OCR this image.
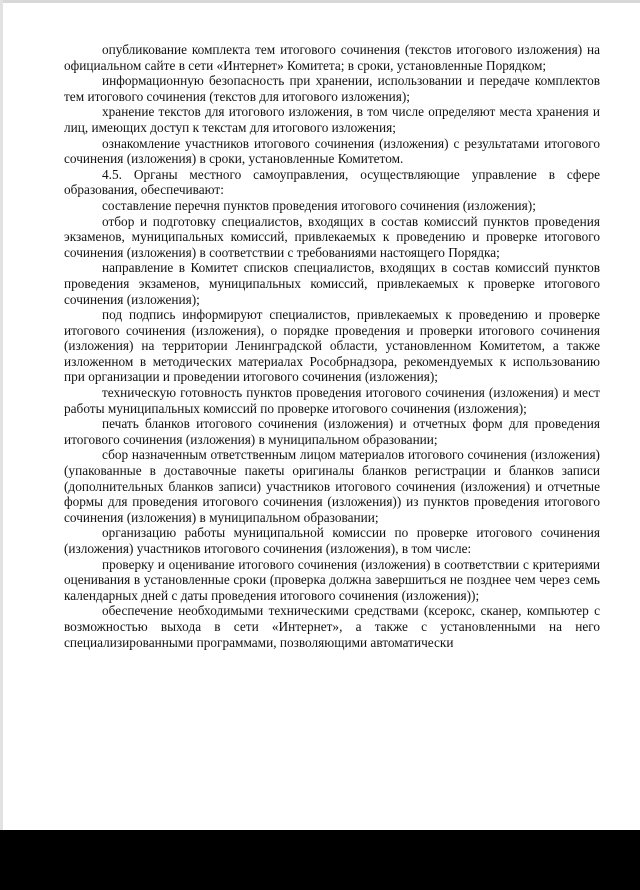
опубликование комплекта тем итогового сочинения (текстов итогового изложения) на официальном сайте в сети «Интернет» Комитета; в сроки, установленные Порядком;

информационную безопасность при хранении, использовании и передаче комплектов тем итогового сочинения (текстов для итогового изложения);

хранение текстов для итогового изложения, в том числе определяют места хранения и лиц, имеющих доступ к текстам для итогового изложения;

ознакомление участников итогового сочинения (изложения) с результатами итогового сочинения (изложения) в сроки, установленные Комитетом.

4.5. Органы местного самоуправления, осуществляющие управление в сфере образования, обеспечивают:

составление перечня пунктов проведения итогового сочинения (изложения);

отбор и подготовку специалистов, входящих в состав комиссий пунктов проведения экзаменов, муниципальных комиссий, привлекаемых к проведению и проверке итогового сочинения (изложения) в соответствии с требованиями настоящего Порядка;

направление в Комитет списков специалистов, входящих в состав комиссий пунктов проведения экзаменов, муниципальных комиссий, привлекаемых к проверке итогового сочинения (изложения);

под подпись информируют специалистов, привлекаемых к проведению и проверке итогового сочинения (изложения), о порядке проведения и проверки итогового сочинения (изложения) на территории Ленинградской области, установленном Комитетом, а также изложенном в методических материалах Рособрнадзора, рекомендуемых к использованию при организации и проведении итогового сочинения (изложения);

техническую готовность пунктов проведения итогового сочинения (изложения) и мест работы муниципальных комиссий по проверке итогового сочинения (изложения);

печать бланков итогового сочинения (изложения) и отчетных форм для проведения итогового сочинения (изложения) в муниципальном образовании;

сбор назначенным ответственным лицом материалов итогового сочинения (изложения) (упакованные в доставочные пакеты оригиналы бланков регистрации и бланков записи (дополнительных бланков записи) участников итогового сочинения (изложения) и отчетные формы для проведения итогового сочинения (изложения)) из пунктов проведения итогового сочинения (изложения) в муниципальном образовании;

организацию работы муниципальной комиссии по проверке итогового сочинения (изложения) участников итогового сочинения (изложения), в том числе:

проверку и оценивание итогового сочинения (изложения) в соответствии с критериями оценивания в установленные сроки (проверка должна завершиться не позднее чем через семь календарных дней с даты проведения итогового сочинения (изложения));

обеспечение необходимыми техническими средствами (ксерокс, сканер, компьютер с возможностью выхода в сети «Интернет», а также с установленными на него специализированными программами, позволяющими автоматически
